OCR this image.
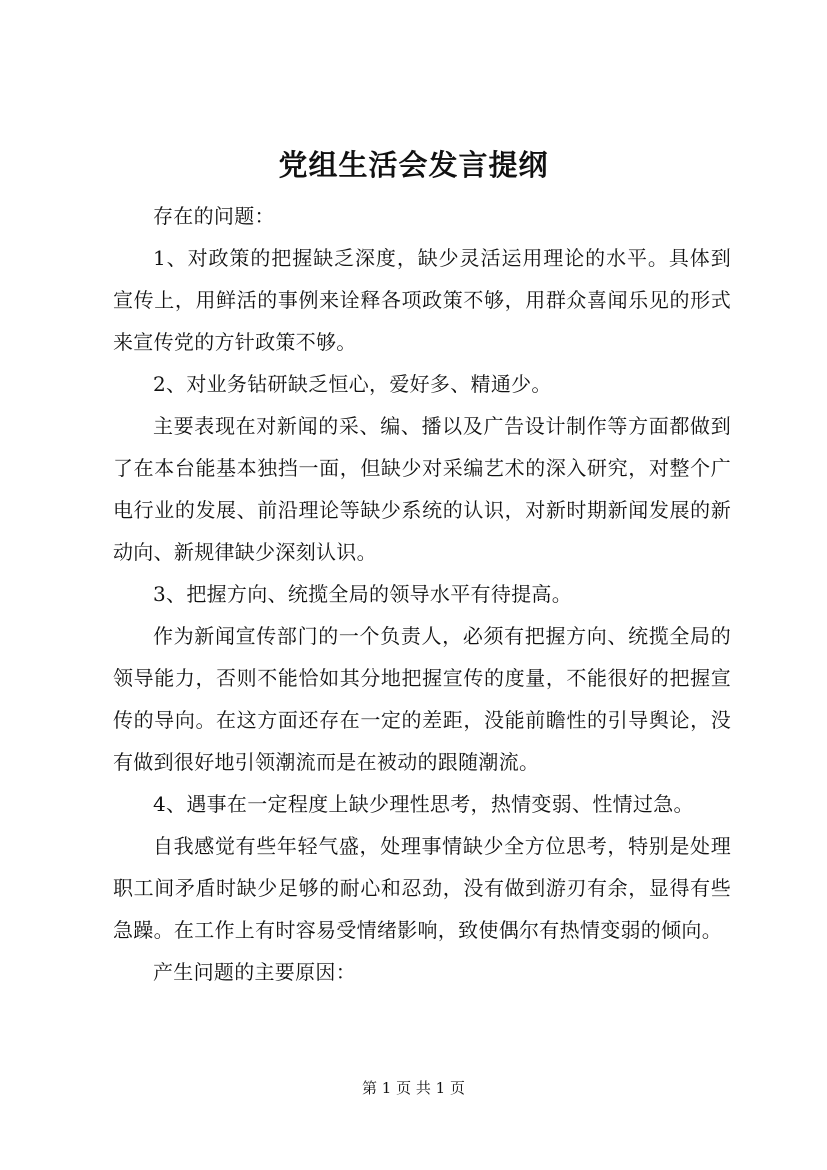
党组生活会发言提纲

存在的问题：

1、对政策的把握缺乏深度，缺少灵活运用理论的水平。具体到宣传上，用鲜活的事例来诠释各项政策不够，用群众喜闻乐见的形式来宣传党的方针政策不够。

2、对业务钻研缺乏恒心，爱好多、精通少。

主要表现在对新闻的采、编、播以及广告设计制作等方面都做到了在本台能基本独挡一面，但缺少对采编艺术的深入研究，对整个广电行业的发展、前沿理论等缺少系统的认识，对新时期新闻发展的新动向、新规律缺少深刻认识。

3、把握方向、统揽全局的领导水平有待提高。

作为新闻宣传部门的一个负责人，必须有把握方向、统揽全局的领导能力，否则不能恰如其分地把握宣传的度量，不能很好的把握宣传的导向。在这方面还存在一定的差距，没能前瞻性的引导舆论，没有做到很好地引领潮流而是在被动的跟随潮流。

4、遇事在一定程度上缺少理性思考，热情变弱、性情过急。

自我感觉有些年轻气盛，处理事情缺少全方位思考，特别是处理职工间矛盾时缺少足够的耐心和忍劲，没有做到游刃有余，显得有些急躁。在工作上有时容易受情绪影响，致使偶尔有热情变弱的倾向。

产生问题的主要原因：

第 1 页 共 1 页
